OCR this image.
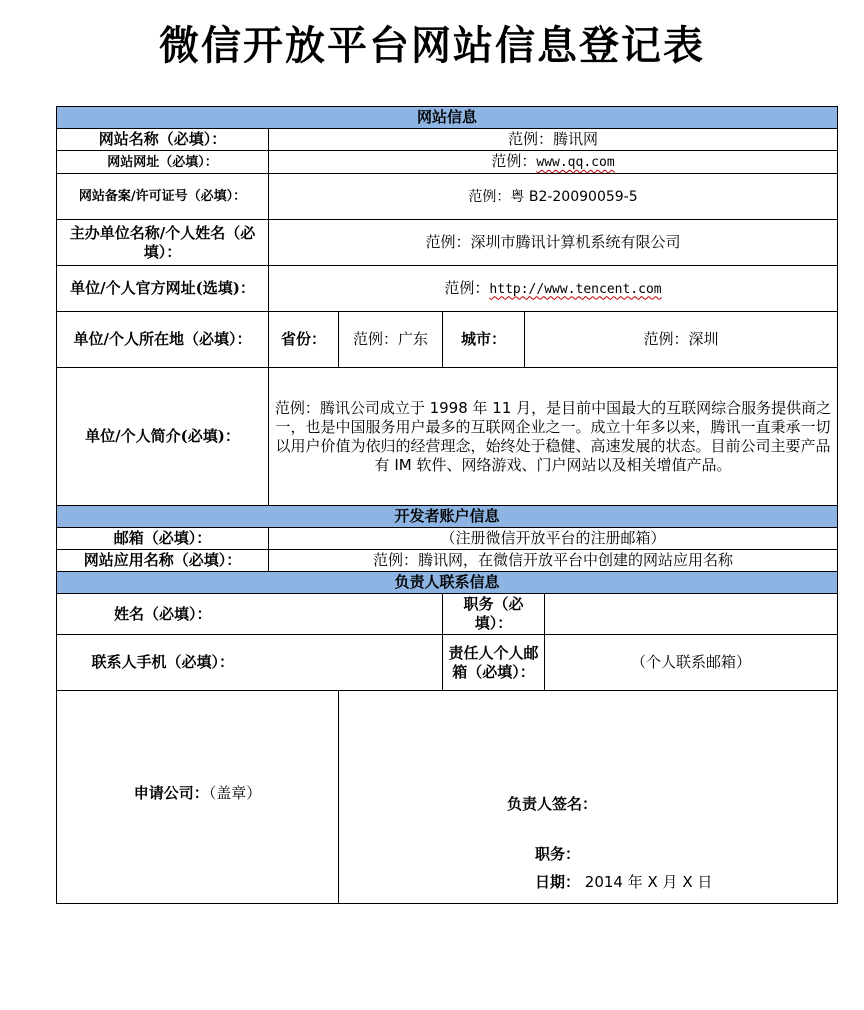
微信开放平台网站信息登记表
网站信息					
网站名称（必填）：	范例：腾讯网				
网站网址（必填）：	范例：www.qq.com				
网站备案/许可证号（必填）：	范例：粤 B2-20090059-5				
主办单位名称/个人姓名（必填）：	范例：深圳市腾讯计算机系统有限公司				
单位/个人官方网址(选填)：	范例：http://www.tencent.com				
单位/个人所在地（必填）：	省份：	范例：广东	城市：	范例：深圳	
单位/个人简介(必填)：	范例：腾讯公司成立于 1998 年 11 月，是目前中国最大的互联网综合服务提供商之一，也是中国服务用户最多的互联网企业之一。成立十年多以来，腾讯一直秉承一切以用户价值为依归的经营理念，始终处于稳健、高速发展的状态。目前公司主要产品有 IM 软件、网络游戏、门户网站以及相关增值产品。				
开发者账户信息					
邮箱（必填）：	（注册微信开放平台的注册邮箱）				
网站应用名称（必填）：	范例：腾讯网，在微信开放平台中创建的网站应用名称				
负责人联系信息					
姓名（必填）：			职务（必填）：		
联系人手机（必填）：			责任人个人邮箱（必填）：		（个人联系邮箱）

申请公司：（盖章）		负责人签名：
职务：
日期： 2014 年 X 月 X 日			
